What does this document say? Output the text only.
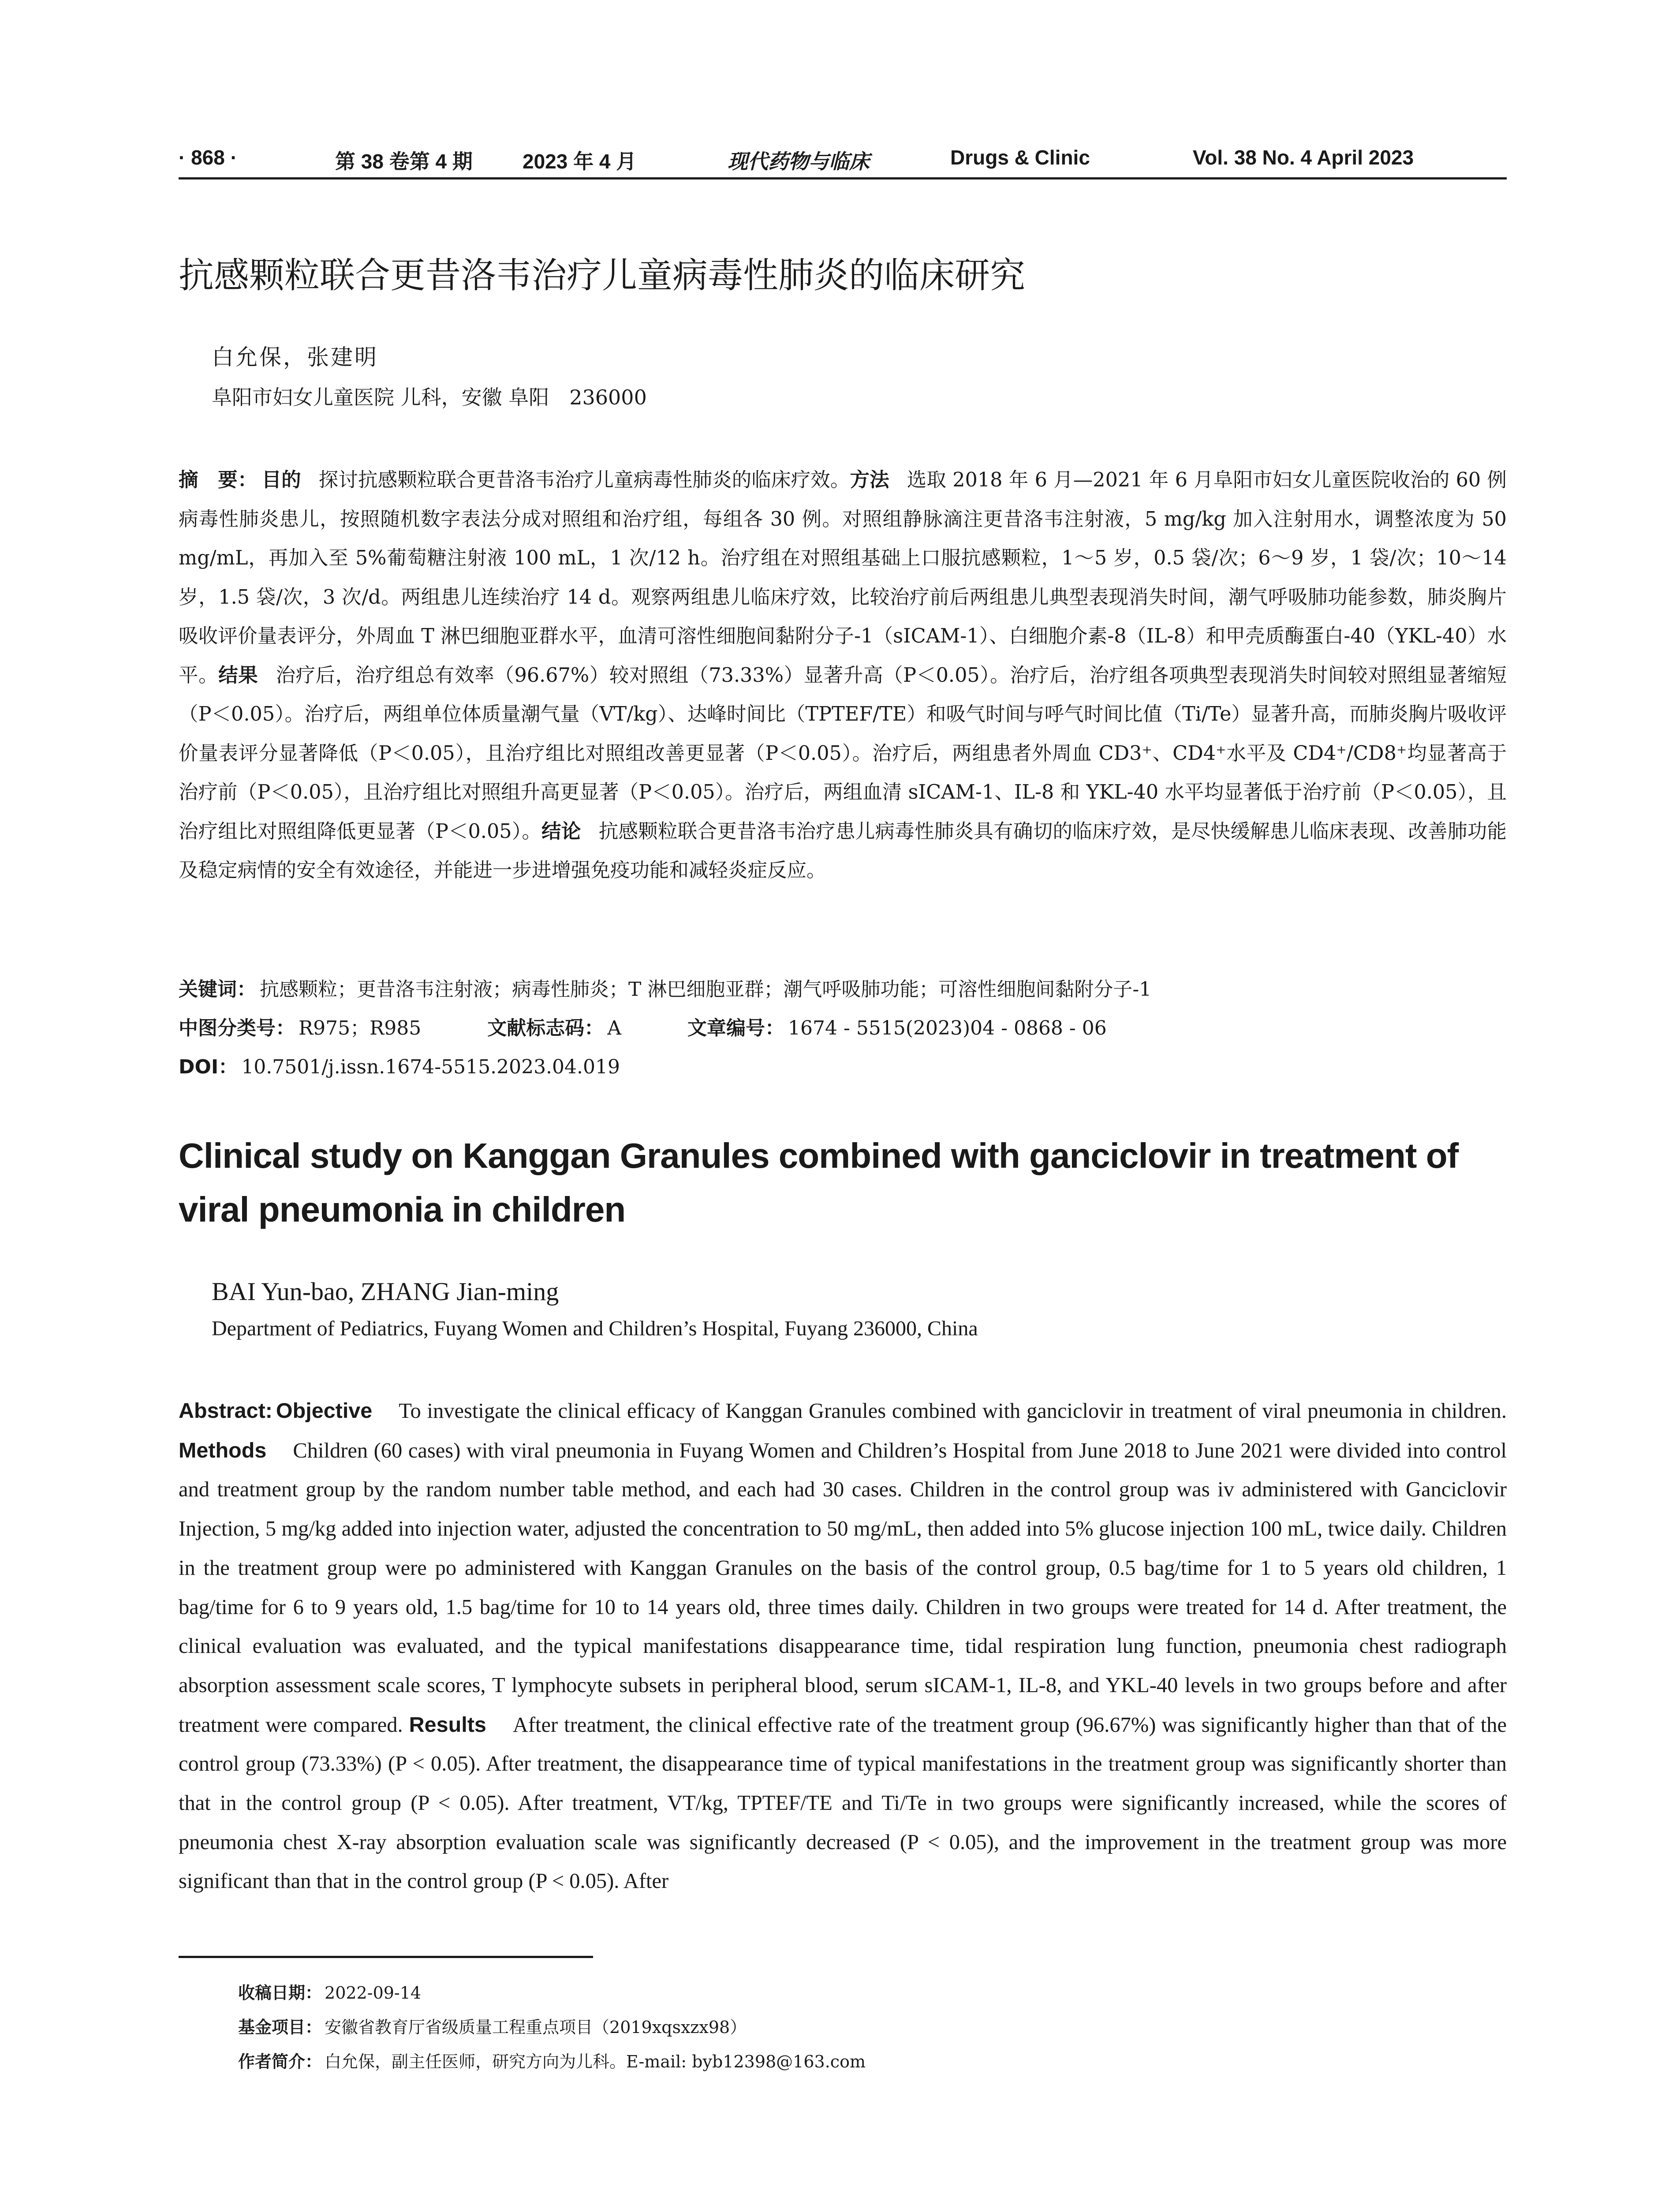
· 868 ·	第 38 卷第 4 期 2023 年 4 月	现代药物与临床	Drugs & Clinic	Vol. 38 No. 4 April 2023
抗感颗粒联合更昔洛韦治疗儿童病毒性肺炎的临床研究
白允保，张建明
阜阳市妇女儿童医院 儿科，安徽 阜阳　236000

摘　要： 目的 探讨抗感颗粒联合更昔洛韦治疗儿童病毒性肺炎的临床疗效。方法 选取 2018 年 6 月—2021 年 6 月阜阳市妇女儿童医院收治的 60 例病毒性肺炎患儿，按照随机数字表法分成对照组和治疗组，每组各 30 例。对照组静脉滴注更昔洛韦注射液，5 mg/kg 加入注射用水，调整浓度为 50 mg/mL，再加入至 5%葡萄糖注射液 100 mL，1 次/12 h。治疗组在对照组基础上口服抗感颗粒，1～5 岁，0.5 袋/次；6～9 岁，1 袋/次；10～14 岁，1.5 袋/次，3 次/d。两组患儿连续治疗 14 d。观察两组患儿临床疗效，比较治疗前后两组患儿典型表现消失时间，潮气呼吸肺功能参数，肺炎胸片吸收评价量表评分，外周血 T 淋巴细胞亚群水平，血清可溶性细胞间黏附分子-1（sICAM-1）、白细胞介素-8（IL-8）和甲壳质酶蛋白-40（YKL-40）水平。结果 治疗后，治疗组总有效率（96.67%）较对照组（73.33%）显著升高（P＜0.05）。治疗后，治疗组各项典型表现消失时间较对照组显著缩短（P＜0.05）。治疗后，两组单位体质量潮气量（VT/kg）、达峰时间比（TPTEF/TE）和吸气时间与呼气时间比值（Ti/Te）显著升高，而肺炎胸片吸收评价量表评分显著降低（P＜0.05），且治疗组比对照组改善更显著（P＜0.05）。治疗后，两组患者外周血 CD3⁺、CD4⁺水平及 CD4⁺/CD8⁺均显著高于治疗前（P＜0.05），且治疗组比对照组升高更显著（P＜0.05）。治疗后，两组血清 sICAM-1、IL-8 和 YKL-40 水平均显著低于治疗前（P＜0.05），且治疗组比对照组降低更显著（P＜0.05）。结论 抗感颗粒联合更昔洛韦治疗患儿病毒性肺炎具有确切的临床疗效，是尽快缓解患儿临床表现、改善肺功能及稳定病情的安全有效途径，并能进一步进增强免疫功能和减轻炎症反应。

关键词： 抗感颗粒；更昔洛韦注射液；病毒性肺炎；T 淋巴细胞亚群；潮气呼吸肺功能；可溶性细胞间黏附分子-1
中图分类号： R975；R985	文献标志码： A	文章编号： 1674 - 5515(2023)04 - 0868 - 06
DOI： 10.7501/j.issn.1674-5515.2023.04.019
Clinical study on Kanggan Granules combined with ganciclovir in treatment of viral pneumonia in children
BAI Yun-bao, ZHANG Jian-ming
Department of Pediatrics, Fuyang Women and Children’s Hospital, Fuyang 236000, China

Abstract: Objective To investigate the clinical efficacy of Kanggan Granules combined with ganciclovir in treatment of viral pneumonia in children. Methods Children (60 cases) with viral pneumonia in Fuyang Women and Children’s Hospital from June 2018 to June 2021 were divided into control and treatment group by the random number table method, and each had 30 cases. Children in the control group was iv administered with Ganciclovir Injection, 5 mg/kg added into injection water, adjusted the concentration to 50 mg/mL, then added into 5% glucose injection 100 mL, twice daily. Children in the treatment group were po administered with Kanggan Granules on the basis of the control group, 0.5 bag/time for 1 to 5 years old children, 1 bag/time for 6 to 9 years old, 1.5 bag/time for 10 to 14 years old, three times daily. Children in two groups were treated for 14 d. After treatment, the clinical evaluation was evaluated, and the typical manifestations disappearance time, tidal respiration lung function, pneumonia chest radiograph absorption assessment scale scores, T lymphocyte subsets in peripheral blood, serum sICAM-1, IL-8, and YKL-40 levels in two groups before and after treatment were compared. Results After treatment, the clinical effective rate of the treatment group (96.67%) was significantly higher than that of the control group (73.33%) (P < 0.05). After treatment, the disappearance time of typical manifestations in the treatment group was significantly shorter than that in the control group (P < 0.05). After treatment, VT/kg, TPTEF/TE and Ti/Te in two groups were significantly increased, while the scores of pneumonia chest X-ray absorption evaluation scale was significantly decreased (P < 0.05), and the improvement in the treatment group was more significant than that in the control group (P < 0.05). After

收稿日期： 2022-09-14
基金项目： 安徽省教育厅省级质量工程重点项目（2019xqsxzx98）
作者简介： 白允保，副主任医师，研究方向为儿科。E-mail: byb12398@163.com
